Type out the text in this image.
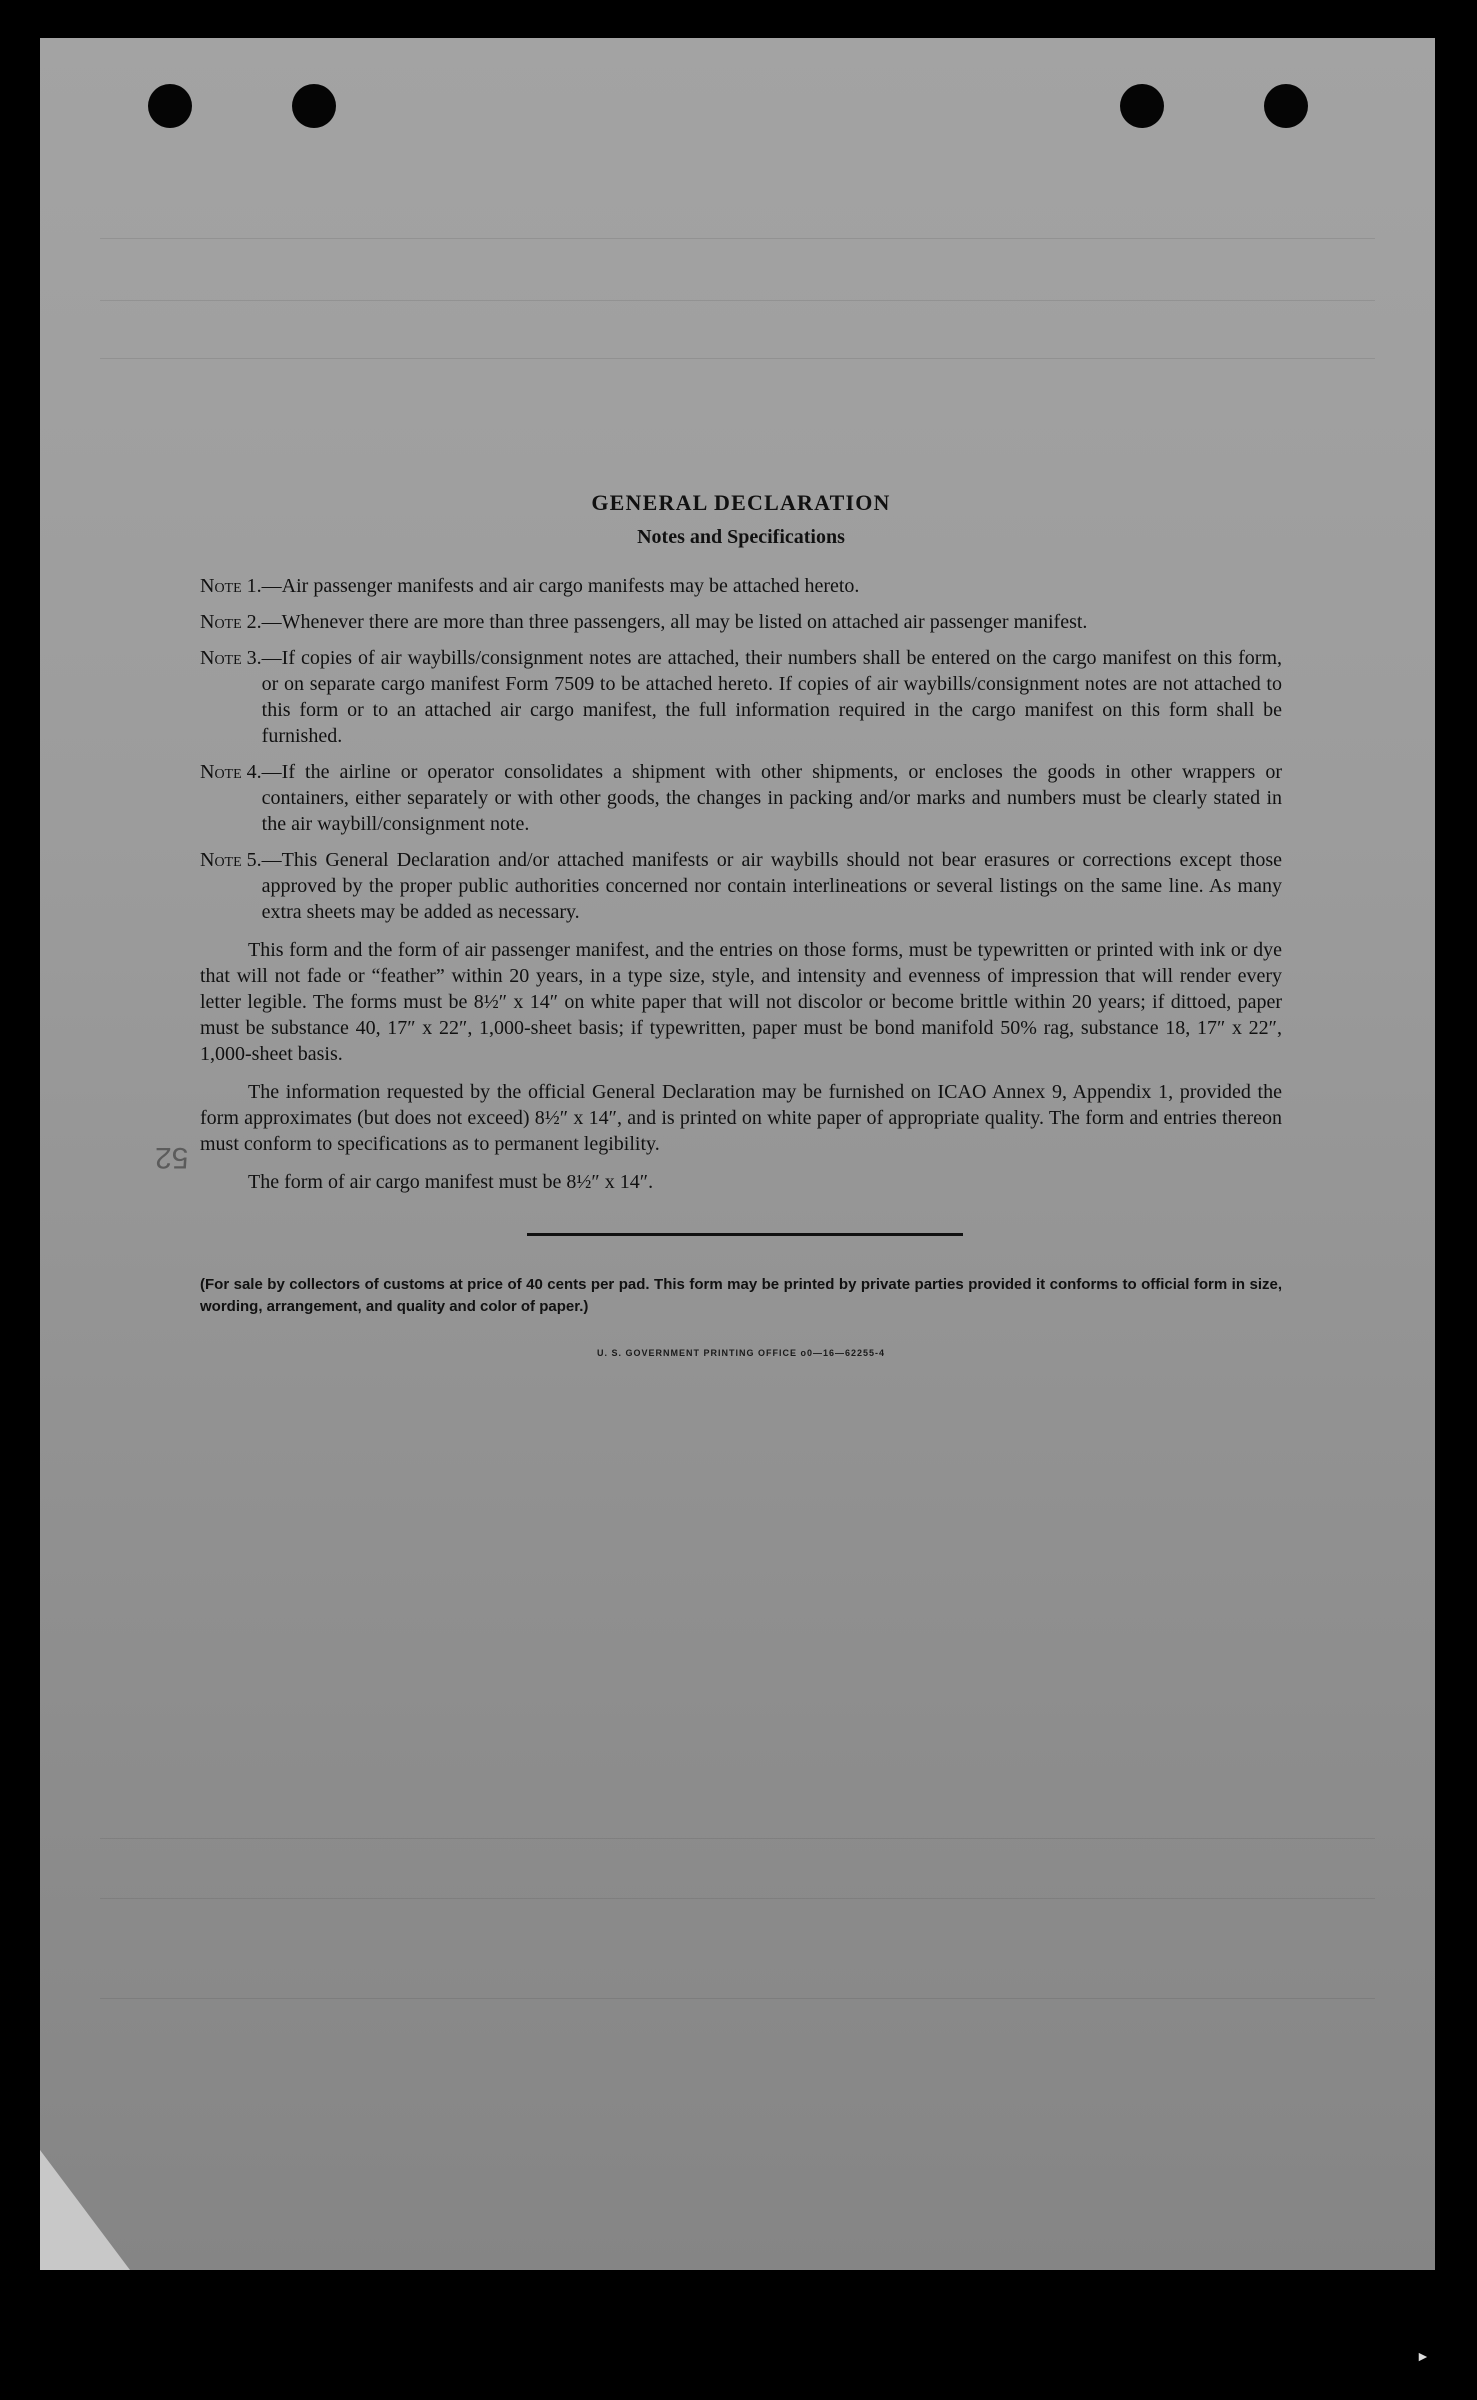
52
GENERAL DECLARATION
Notes and Specifications
Note 1. —Air passenger manifests and air cargo manifests may be attached hereto.
Note 2. —Whenever there are more than three passengers, all may be listed on attached air passenger manifest.
Note 3. —If copies of air waybills/consignment notes are attached, their numbers shall be entered on the cargo manifest on this form, or on separate cargo manifest Form 7509 to be attached hereto. If copies of air waybills/consignment notes are not attached to this form or to an attached air cargo manifest, the full information required in the cargo manifest on this form shall be furnished.
Note 4. —If the airline or operator consolidates a shipment with other shipments, or encloses the goods in other wrappers or containers, either separately or with other goods, the changes in packing and/or marks and numbers must be clearly stated in the air waybill/consignment note.
Note 5. —This General Declaration and/or attached manifests or air waybills should not bear erasures or corrections except those approved by the proper public authorities concerned nor contain interlineations or several listings on the same line. As many extra sheets may be added as necessary.

This form and the form of air passenger manifest, and the entries on those forms, must be typewritten or printed with ink or dye that will not fade or “feather” within 20 years, in a type size, style, and intensity and evenness of impression that will render every letter legible. The forms must be 8½″ x 14″ on white paper that will not discolor or become brittle within 20 years; if dittoed, paper must be substance 40, 17″ x 22″, 1,000-sheet basis; if typewritten, paper must be bond manifold 50% rag, substance 18, 17″ x 22″, 1,000-sheet basis.

The information requested by the official General Declaration may be furnished on ICAO Annex 9, Appendix 1, provided the form approximates (but does not exceed) 8½″ x 14″, and is printed on white paper of appropriate quality. The form and entries thereon must conform to specifications as to permanent legibility.

The form of air cargo manifest must be 8½″ x 14″.

(For sale by collectors of customs at price of 40 cents per pad. This form may be printed by private parties provided it conforms to official form in size, wording, arrangement, and quality and color of paper.)
U. S. GOVERNMENT PRINTING OFFICE o0—16—62255-4
►
